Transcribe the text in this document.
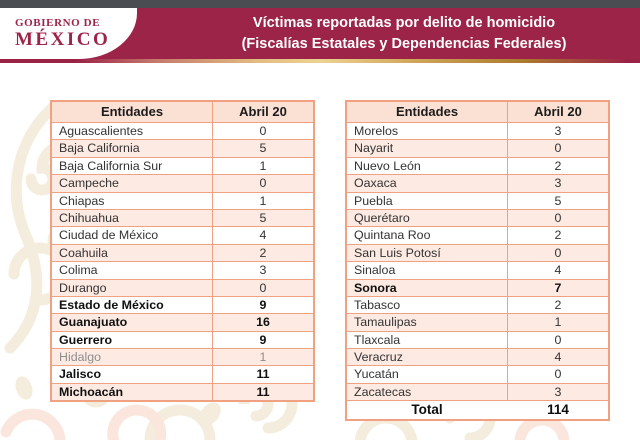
GOBIERNO DE
MÉXICO
Víctimas reportadas por delito de homicidio
(Fiscalías Estatales y Dependencias Federales)
Entidades	Abril 20
Aguascalientes	0
Baja California	5
Baja California Sur	1
Campeche	0
Chiapas	1
Chihuahua	5
Ciudad de México	4
Coahuila	2
Colima	3
Durango	0
Estado de México	9
Guanajuato	16
Guerrero	9
Hidalgo	1
Jalisco	11
Michoacán	11
Entidades	Abril 20
Morelos	3
Nayarit	0
Nuevo León	2
Oaxaca	3
Puebla	5
Querétaro	0
Quintana Roo	2
San Luis Potosí	0
Sinaloa	4
Sonora	7
Tabasco	2
Tamaulipas	1
Tlaxcala	0
Veracruz	4
Yucatán	0
Zacatecas	3
Total	114
